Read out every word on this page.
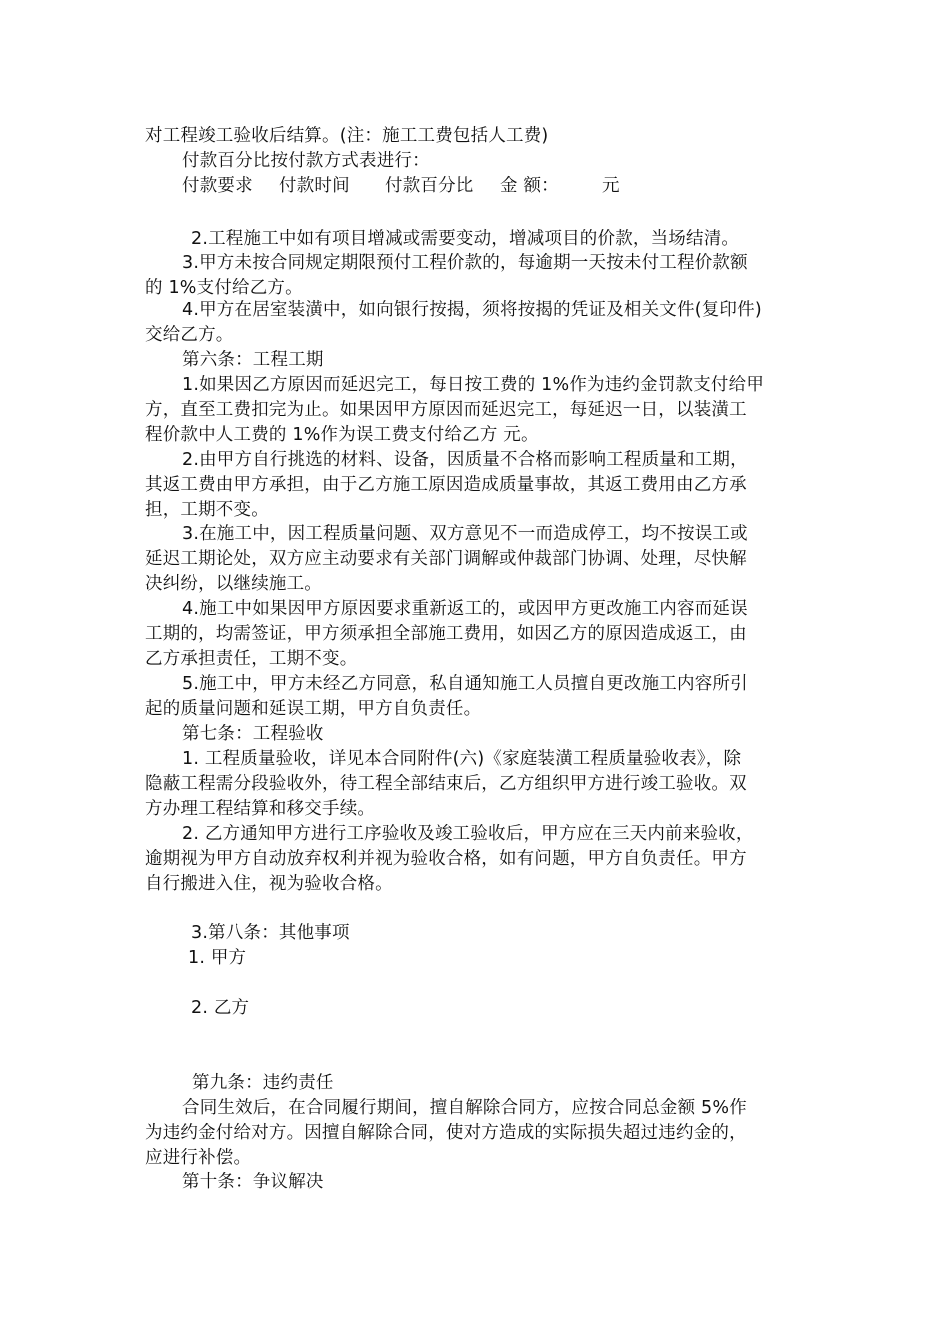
对工程竣工验收后结算。(注：施工工费包括人工费)
付款百分比按付款方式表进行：
付款要求 付款时间 付款百分比 金 额： 元
2.工程施工中如有项目增减或需要变动，增减项目的价款，当场结清。
3.甲方未按合同规定期限预付工程价款的，每逾期一天按未付工程价款额
的 1%支付给乙方。
4.甲方在居室装潢中，如向银行按揭，须将按揭的凭证及相关文件(复印件)
交给乙方。
第六条：工程工期
1.如果因乙方原因而延迟完工，每日按工费的 1%作为违约金罚款支付给甲
方，直至工费扣完为止。如果因甲方原因而延迟完工，每延迟一日，以装潢工
程价款中人工费的 1%作为误工费支付给乙方 元。
2.由甲方自行挑选的材料、设备，因质量不合格而影响工程质量和工期，
其返工费由甲方承担，由于乙方施工原因造成质量事故，其返工费用由乙方承
担，工期不变。
3.在施工中，因工程质量问题、双方意见不一而造成停工，均不按误工或
延迟工期论处，双方应主动要求有关部门调解或仲裁部门协调、处理，尽快解
决纠纷，以继续施工。
4.施工中如果因甲方原因要求重新返工的，或因甲方更改施工内容而延误
工期的，均需签证，甲方须承担全部施工费用，如因乙方的原因造成返工，由
乙方承担责任，工期不变。
5.施工中，甲方未经乙方同意，私自通知施工人员擅自更改施工内容所引
起的质量问题和延误工期，甲方自负责任。
第七条：工程验收
1. 工程质量验收，详见本合同附件(六)《家庭装潢工程质量验收表》，除
隐蔽工程需分段验收外，待工程全部结束后，乙方组织甲方进行竣工验收。双
方办理工程结算和移交手续。
2. 乙方通知甲方进行工序验收及竣工验收后，甲方应在三天内前来验收，
逾期视为甲方自动放弃权利并视为验收合格，如有问题，甲方自负责任。甲方
自行搬进入住，视为验收合格。
3.第八条：其他事项
1. 甲方
2. 乙方
第九条：违约责任
合同生效后，在合同履行期间，擅自解除合同方，应按合同总金额 5%作
为违约金付给对方。因擅自解除合同，使对方造成的实际损失超过违约金的，
应进行补偿。
第十条：争议解决
